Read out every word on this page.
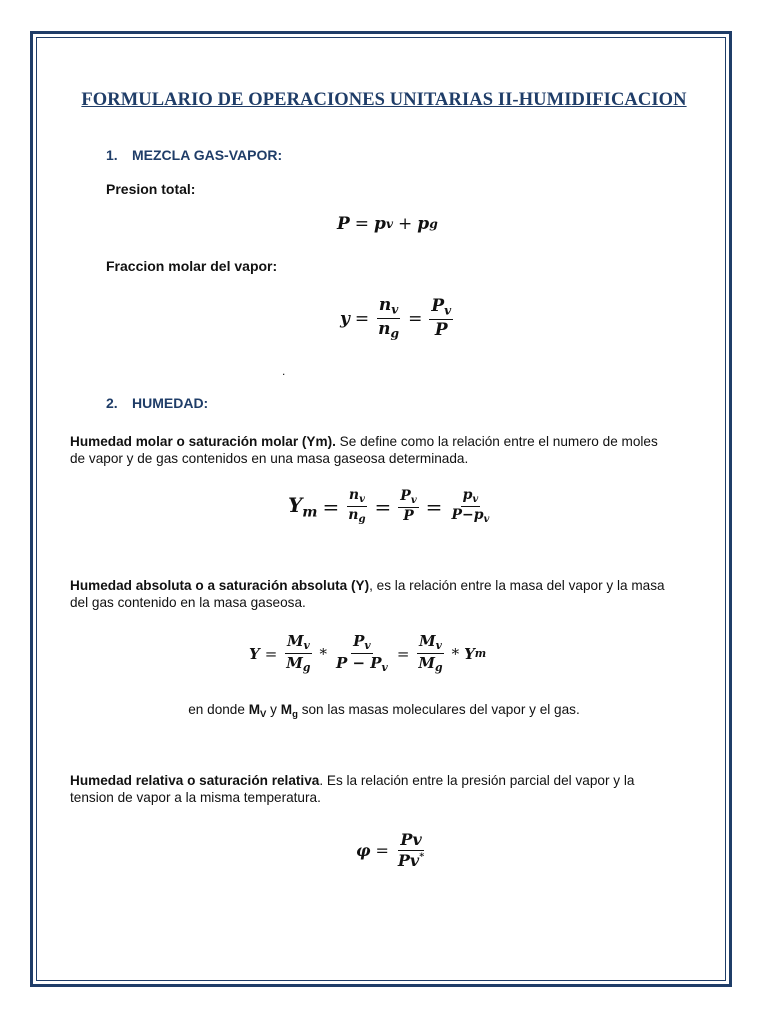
FORMULARIO DE OPERACIONES UNITARIAS II-HUMIDIFICACION
1. MEZCLA GAS-VAPOR:
Presion total:
P = p v + p g
Fraccion molar del vapor:
$y = \frac{n_v}{n_g} = \frac{P_v}{P}$
.
2. HUMEDAD:
Humedad molar o saturación molar (Ym). Se define como la relación entre el numero de moles de vapor y de gas contenidos en una masa gaseosa determinada.
$Y_m = \frac{n_v}{n_g} = \frac{P_v}{P} = \frac{p_v}{P-p_v}$
Humedad absoluta o a saturación absoluta (Y), es la relación entre la masa del vapor y la masa del gas contenido en la masa gaseosa.
$Y = \frac{M_v}{M_g} * \frac{P_v}{P - P_v} = \frac{M_v}{M_g} * Y$ m
en donde $M_V$ y $M_g$ son las masas moleculares del vapor y el gas.
Humedad relativa o saturación relativa. Es la relación entre la presión parcial del vapor y la tension de vapor a la misma temperatura.
$\varphi = \frac{Pv}{Pv^*}$
